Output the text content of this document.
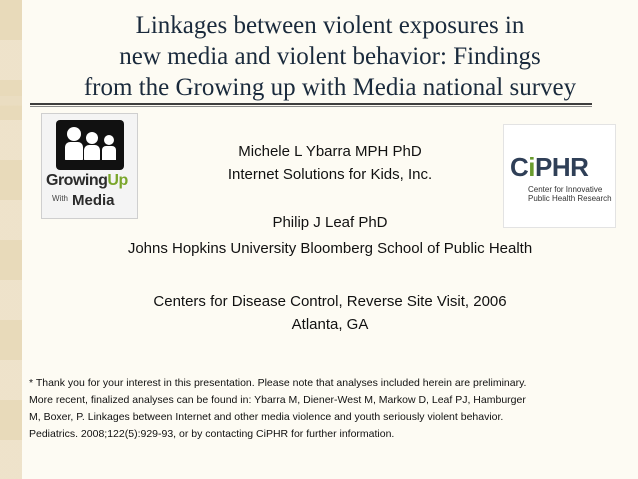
Linkages between violent exposures in
new media and violent behavior: Findings
from the Growing up with Media national survey
GrowingUp
With Media
CiPHR
Center for Innovative
Public Health Research
Michele L Ybarra MPH PhD
Internet Solutions for Kids, Inc.
Philip J Leaf PhD
Johns Hopkins University Bloomberg School of Public Health
Centers for Disease Control, Reverse Site Visit, 2006
Atlanta, GA
* Thank you for your interest in this presentation. Please note that analyses included herein are preliminary.
More recent, finalized analyses can be found in: Ybarra M, Diener-West M, Markow D, Leaf PJ, Hamburger
M, Boxer, P. Linkages between Internet and other media violence and youth seriously violent behavior.
Pediatrics. 2008;122(5):929-93, or by contacting CiPHR for further information.
